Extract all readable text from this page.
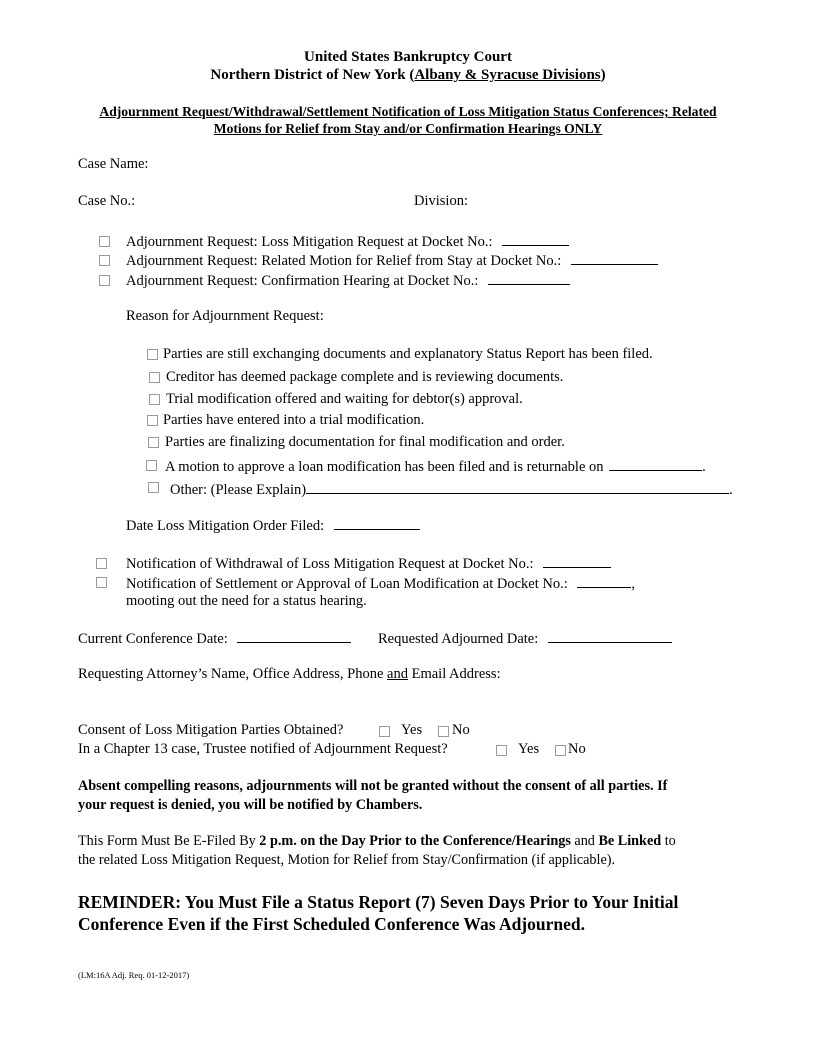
United States Bankruptcy Court
Northern District of New York (Albany & Syracuse Divisions)
Adjournment Request/Withdrawal/Settlement Notification of Loss Mitigation Status Conferences; Related
Motions for Relief from Stay and/or Confirmation Hearings ONLY
Case Name:
Case No.:	Division:
Adjournment Request: Loss Mitigation Request at Docket No.:
Adjournment Request: Related Motion for Relief from Stay at Docket No.:
Adjournment Request: Confirmation Hearing at Docket No.:
Reason for Adjournment Request:
Parties are still exchanging documents and explanatory Status Report has been filed.
Creditor has deemed package complete and is reviewing documents.
Trial modification offered and waiting for debtor(s) approval.
Parties have entered into a trial modification.
Parties are finalizing documentation for final modification and order.
A motion to approve a loan modification has been filed and is returnable on	.
Other: (Please Explain)	.
Date Loss Mitigation Order Filed:
Notification of Withdrawal of Loss Mitigation Request at Docket No.:
Notification of Settlement or Approval of Loan Modification at Docket No.:	,
mooting out the need for a status hearing.
Current Conference Date:	Requested Adjourned Date:
Requesting Attorney’s Name, Office Address, Phone and Email Address:
Consent of Loss Mitigation Parties Obtained?	Yes No
In a Chapter 13 case, Trustee notified of Adjournment Request?	Yes No
Absent compelling reasons, adjournments will not be granted without the consent of all parties. If
your request is denied, you will be notified by Chambers.
This Form Must Be E-Filed By 2 p.m. on the Day Prior to the Conference/Hearings and Be Linked to
the related Loss Mitigation Request, Motion for Relief from Stay/Confirmation (if applicable).
REMINDER: You Must File a Status Report (7) Seven Days Prior to Your Initial
Conference Even if the First Scheduled Conference Was Adjourned.
(LM:16A Adj. Req. 01-12-2017)
